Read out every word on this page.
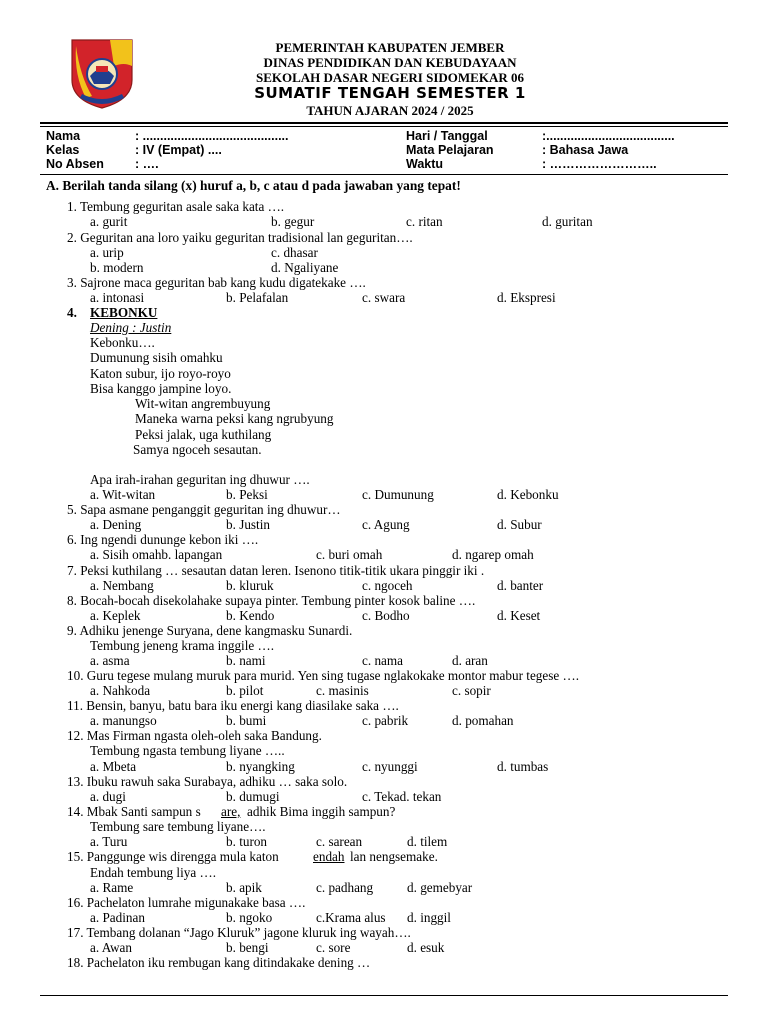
PEMERINTAH KABUPATEN JEMBER
DINAS PENDIDIKAN DAN KEBUDAYAAN
SEKOLAH DASAR NEGERI SIDOMEKAR 06
SUMATIF TENGAH SEMESTER 1
TAHUN AJARAN 2024 / 2025
Nama	: ..........................................	Hari / Tanggal	:.....................................
Kelas	: IV (Empat) ....	Mata Pelajaran	: Bahasa Jawa
No Absen : ….	Waktu	: ……………………..
A. Berilah tanda silang (x) huruf a, b, c atau d pada jawaban yang tepat!
1. Tembung geguritan asale saka kata ….
a. gurit	b. gegur	c. ritan	d. guritan
2. Geguritan ana loro yaiku geguritan tradisional lan geguritan….
a. urip	c. dhasar
b. modern	d. Ngaliyane
3. Sajrone maca geguritan bab kang kudu digatekake ….
a. intonasi	b. Pelafalan	c. swara	d. Ekspresi
4. KEBONKU
Dening : Justin
Kebonku….
Dumunung sisih omahku
Katon subur, ijo royo-royo
Bisa kanggo jampine loyo.
Wit-witan angrembuyung
Maneka warna peksi kang ngrubyung
Peksi jalak, uga kuthilang
Samya ngoceh sesautan.
Apa irah-irahan geguritan ing dhuwur ….
a. Wit-witan	b. Peksi	c. Dumunung	d. Kebonku
5. Sapa asmane penganggit geguritan ing dhuwur…
a. Dening	b. Justin	c. Agung	d. Subur
6. Ing ngendi dunungе kebon iki ….
a. Sisih omahb. lapangan	c. buri omah	d. ngarep omah
7. Peksi kuthilang … sesautan datan leren. Isenono titik-titik ukara pinggir iki .
a. Nembang	b. kluruk	c. ngoceh	d. banter
8. Bocah-bocah disekolahake supaya pinter. Tembung pinter kosok baline ….
a. Keplek	b. Kendo	c. Bodho	d. Keset
9. Adhiku jenenge Suryana, dene kangmasku Sunardi.
Tembung jeneng krama inggile ….
a. asma	b. nami	c. nama	d. aran
10. Guru tegese mulang muruk para murid. Yen sing tugase nglakokake montor mabur tegese ….
a. Nahkoda	b. pilot	c. masinis	c. sopir
11. Bensin, banyu, batu bara iku energi kang diasilake saka ….
a. manungso	b. bumi	c. pabrik	d. pomahan
12. Mas Firman ngasta oleh-oleh saka Bandung.
Tembung ngasta tembung liyane …..
a. Mbeta	b. nyangking	c. nyunggi	d. tumbas
13. Ibuku rawuh saka Surabaya, adhiku … saka solo.
a. dugi	b. dumugi	c. Tekad. tekan
14. Mbak Santi sampun s are, adhik Bima inggih sampun?
Tembung sare tembung liyane….
a. Turu	b. turon	c. sarean	d. tilem
15. Panggunge wis direngga mula katon	endah lan nengsemake.
Endah tembung liya ….
a. Rame	b. apik	c. padhang	d. gemebyar
16. Pachelaton lumrahe migunakake basa ….
a. Padinan	b. ngoko	c.Krama alus d. inggil
17. Tembang dolanan “Jago Kluruk” jagone kluruk ing wayah….
a. Awan	b. bengi	c. sore	d. esuk
18. Pachelaton iku rembugan kang ditindakake dening …
